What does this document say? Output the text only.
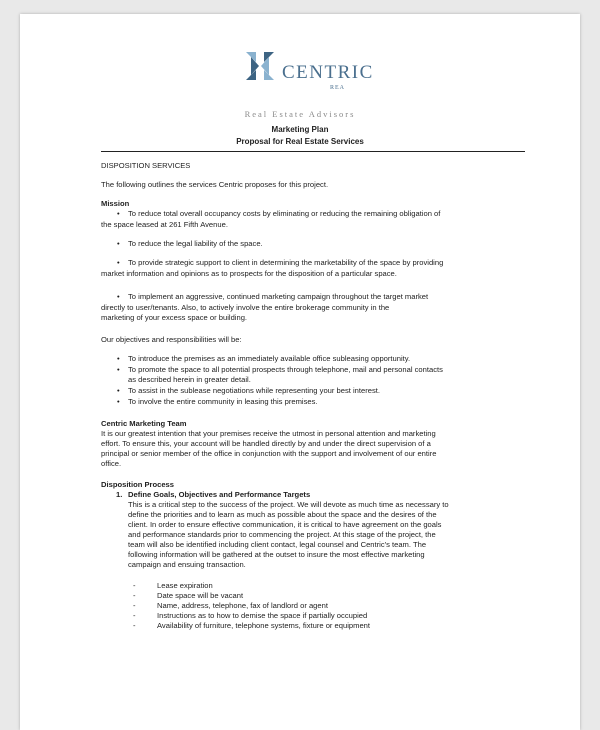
CENTRIC
REA
Real Estate Advisors
Marketing Plan
Proposal for Real Estate Services
DISPOSITION SERVICES
The following outlines the services Centric proposes for this project.
Mission
• To reduce total overall occupancy costs by eliminating or reducing the remaining obligation of
the space leased at 261 Fifth Avenue.
• To reduce the legal liability of the space.
• To provide strategic support to client in determining the marketability of the space by providing
market information and opinions as to prospects for the disposition of a particular space.
• To implement an aggressive, continued marketing campaign throughout the target market
directly to user/tenants. Also, to actively involve the entire brokerage community in the
marketing of your excess space or building.
Our objectives and responsibilities will be:
• To introduce the premises as an immediately available office subleasing opportunity.
• To promote the space to all potential prospects through telephone, mail and personal contacts
as described herein in greater detail.
• To assist in the sublease negotiations while representing your best interest.
• To involve the entire community in leasing this premises.
Centric Marketing Team
It is our greatest intention that your premises receive the utmost in personal attention and marketing
effort. To ensure this, your account will be handled directly by and under the direct supervision of a
principal or senior member of the office in conjunction with the support and involvement of our entire
office.
Disposition Process
1. Define Goals, Objectives and Performance Targets
This is a critical step to the success of the project. We will devote as much time as necessary to
define the priorities and to learn as much as possible about the space and the desires of the
client. In order to ensure effective communication, it is critical to have agreement on the goals
and performance standards prior to commencing the project. At this stage of the project, the
team will also be identified including client contact, legal counsel and Centric's team. The
following information will be gathered at the outset to insure the most effective marketing
campaign and ensuing transaction.
-	Lease expiration
-	Date space will be vacant
-	Name, address, telephone, fax of landlord or agent
-	Instructions as to how to demise the space if partially occupied
-	Availability of furniture, telephone systems, fixture or equipment
